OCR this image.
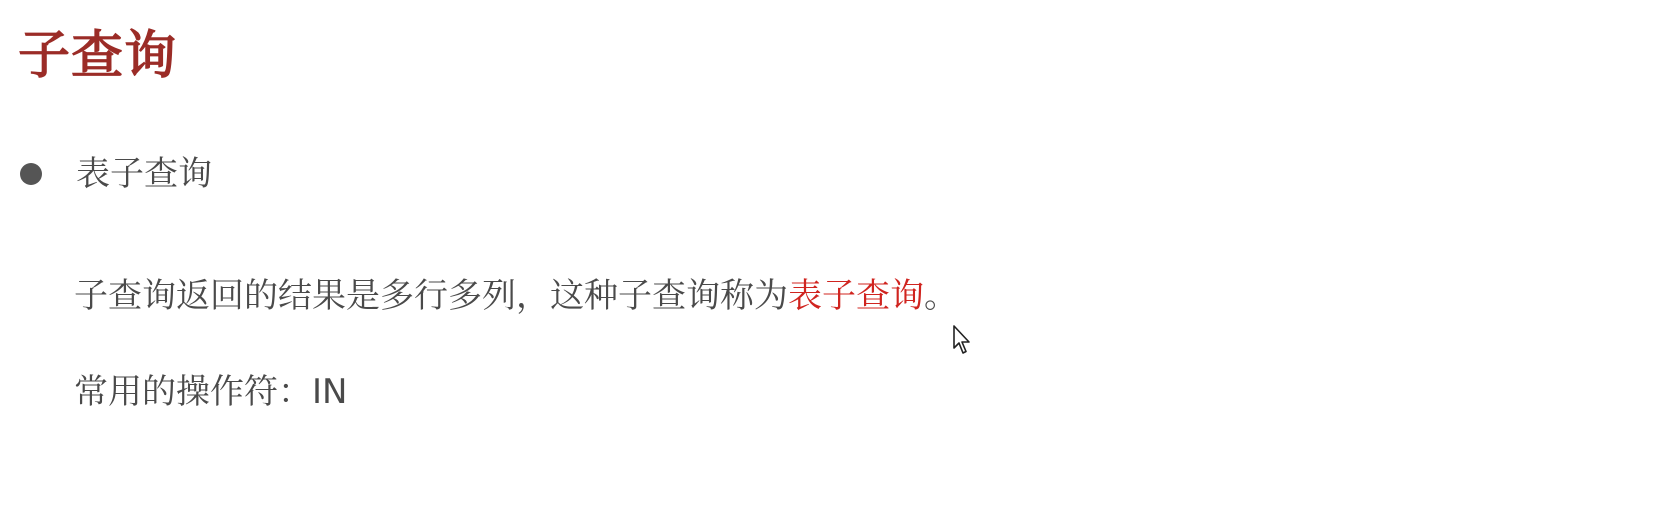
子查询
表子查询
子查询返回的结果是多行多列，这种子查询称为表子查询。
常用的操作符：IN
